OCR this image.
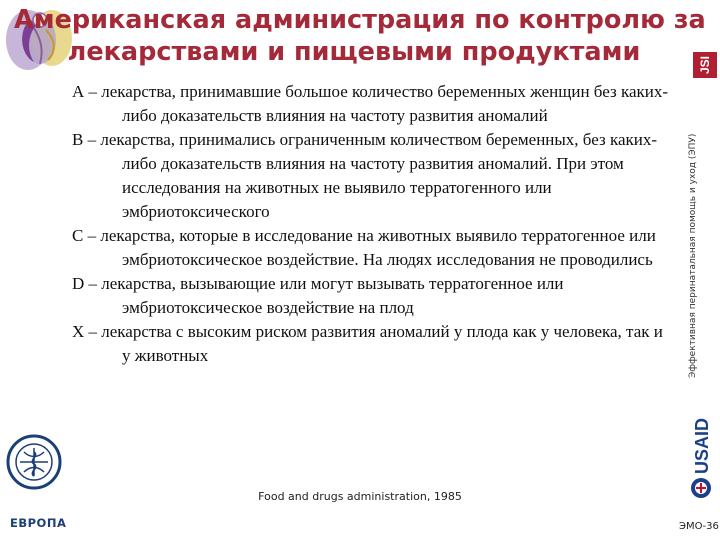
Американская администрация по контролю за
лекарствами и пищевыми продуктами	JSI

А – лекарства, принимавшие большое количество беременных женщин без каких-либо доказательств влияния на частоту развития аномалий

В – лекарства, принимались ограниченным количеством беременных, без каких-либо доказательств влияния на частоту развития аномалий. При этом исследования на животных не выявило терратогенного или эмбриотоксического

С – лекарства, которые в исследование на животных выявило терратогенное или эмбриотоксическое воздействие. На людях исследования не проводились

D – лекарства, вызывающие или могут вызывать терратогенное или эмбриотоксическое воздействие на плод

Х – лекарства с высоким риском развития аномалий у плода как у человека, так и у животных	Эффективная перинатальная помощь и уход (ЭПУ)
USAID
Food and drugs administration, 1985
ЕВРОПА	ЭМО-36
